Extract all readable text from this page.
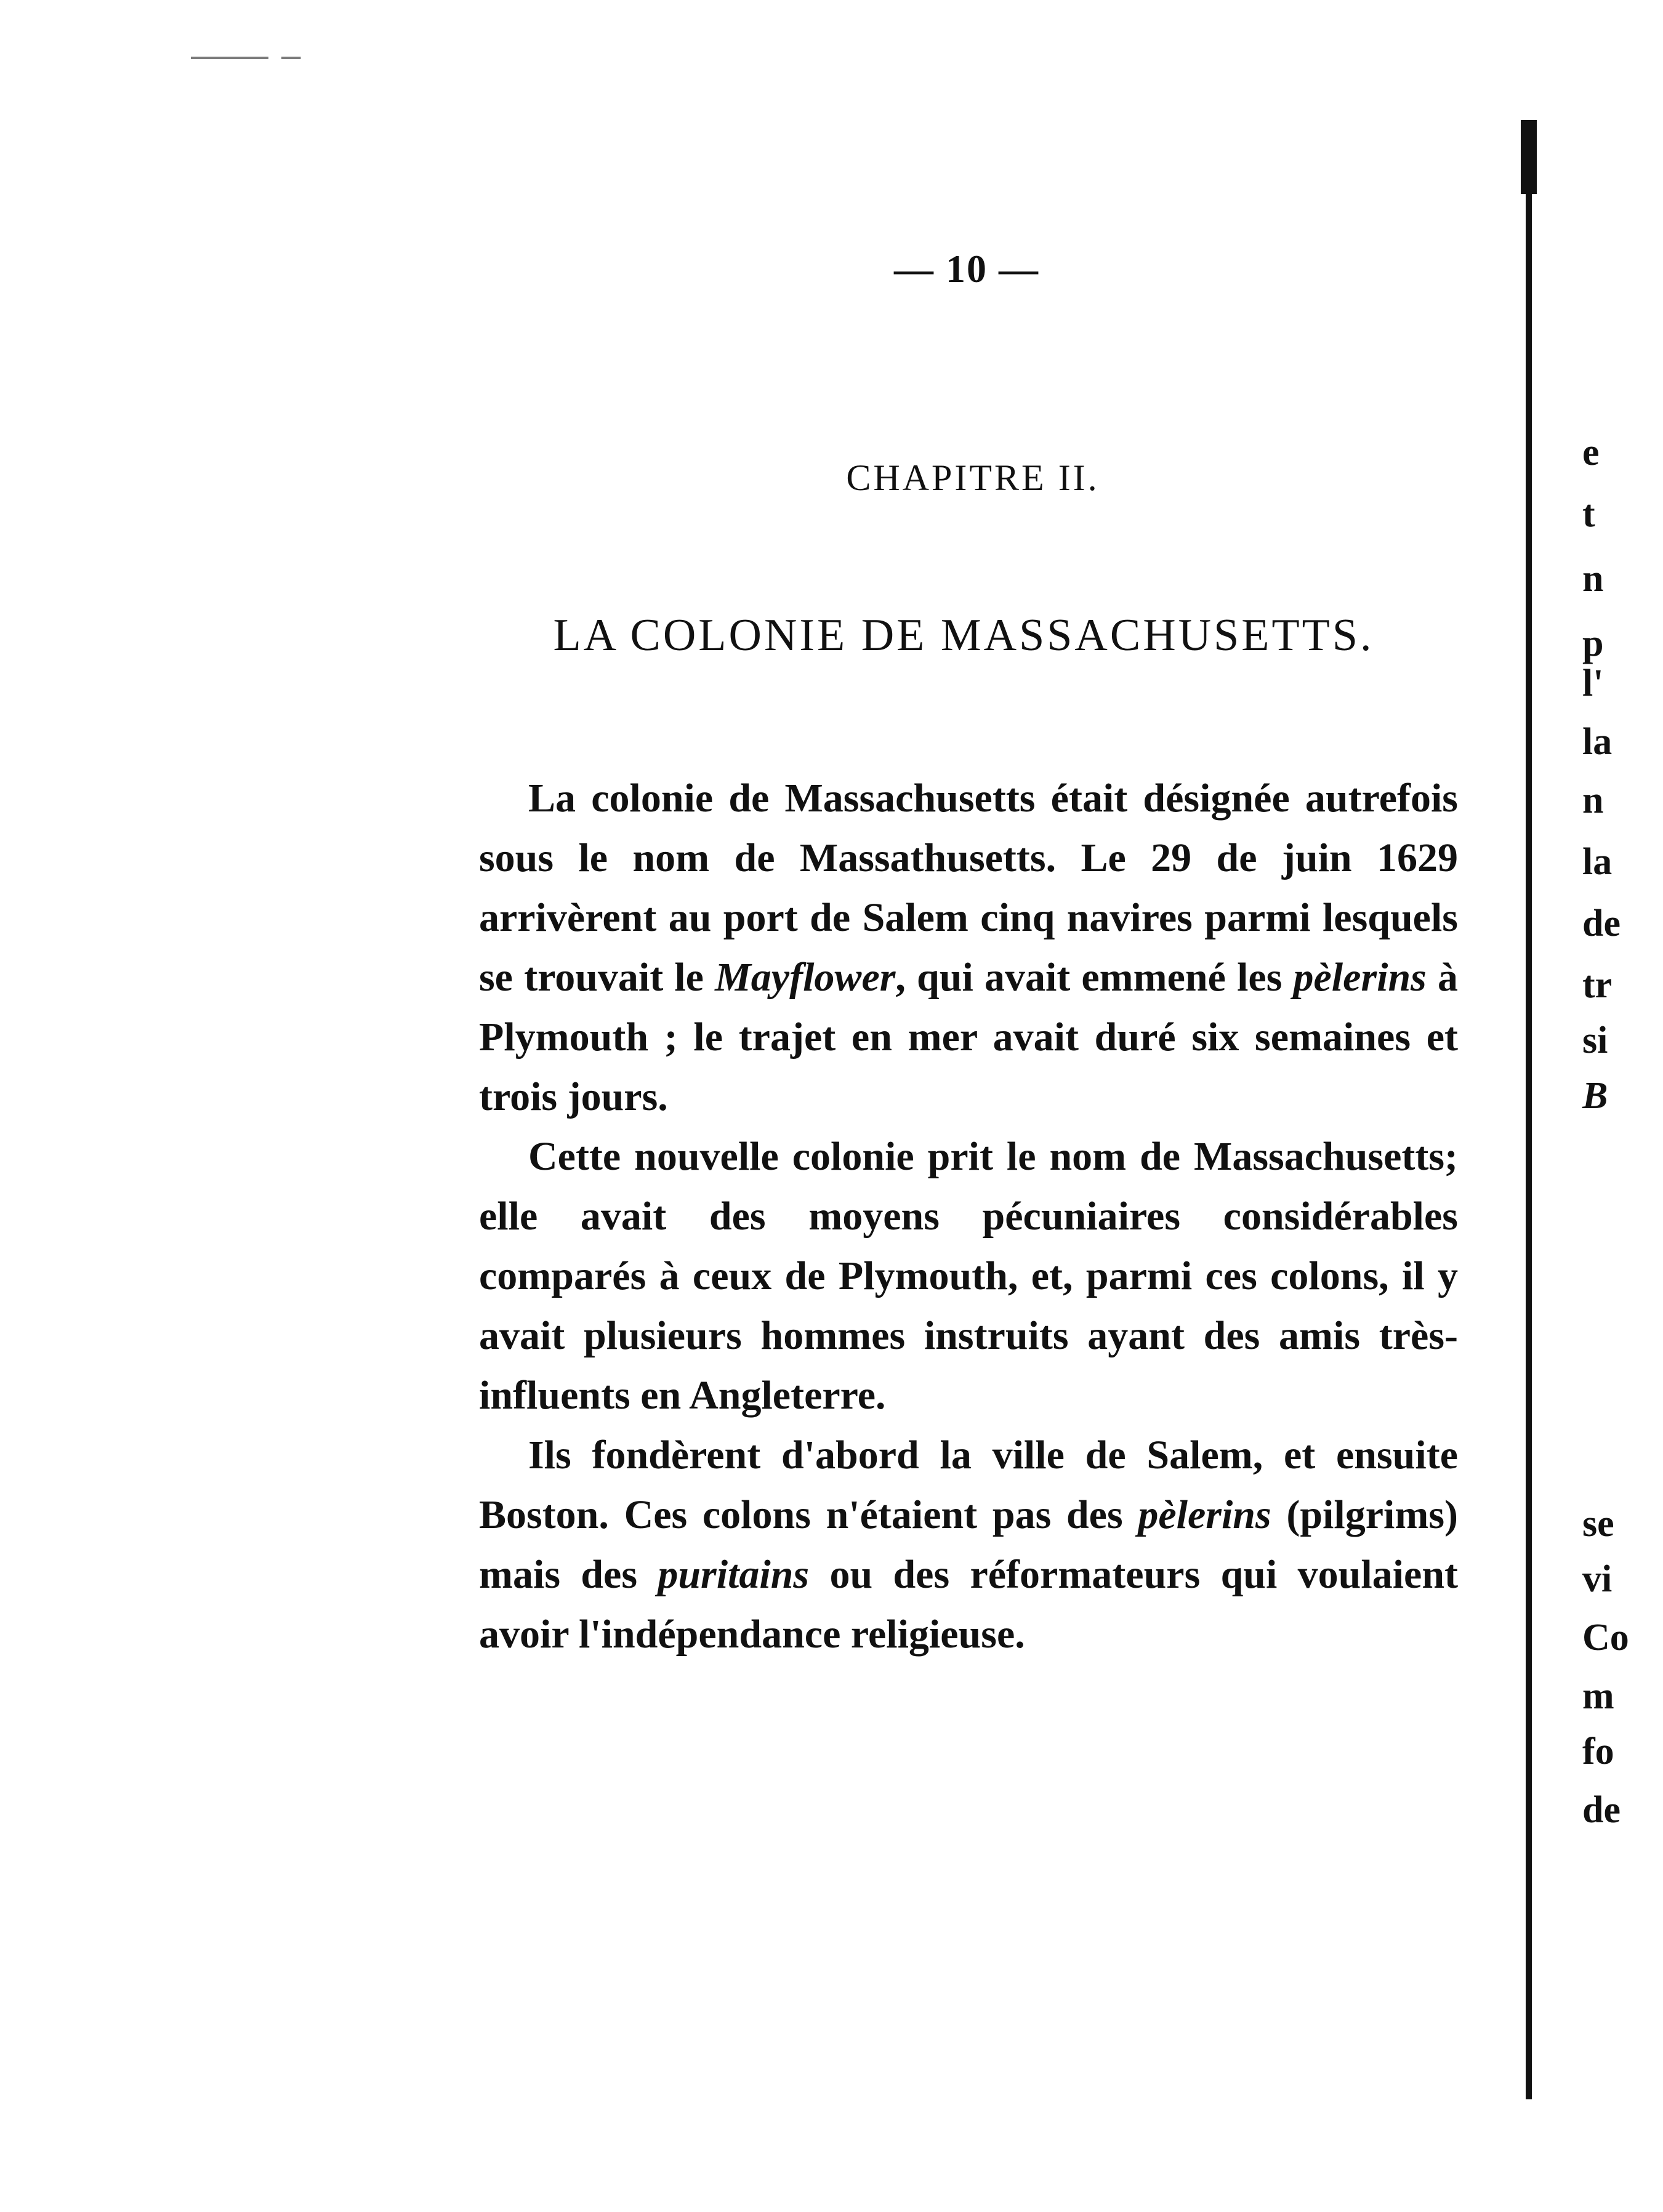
— 10 —
CHAPITRE II.
LA COLONIE DE MASSACHUSETTS.

La colonie de Massachusetts était désignée autrefois sous le nom de Massathusetts. Le 29 de juin 1629 arrivèrent au port de Salem cinq navires parmi lesquels se trouvait le Mayflower, qui avait emmené les pèlerins à Plymouth ; le trajet en mer avait duré six semaines et trois jours.

Cette nouvelle colonie prit le nom de Massachusetts; elle avait des moyens pécuniaires considérables comparés à ceux de Plymouth, et, parmi ces colons, il y avait plusieurs hommes instruits ayant des amis très-influents en Angleterre.

Ils fondèrent d'abord la ville de Salem, et ensuite Boston. Ces colons n'étaient pas des pèlerins (pilgrims) mais des puritains ou des réformateurs qui voulaient avoir l'indépendance religieuse.

e
t
n
p
l'
la
n
la
de
tr
si
B
se
vi
Co
m
fo
de
